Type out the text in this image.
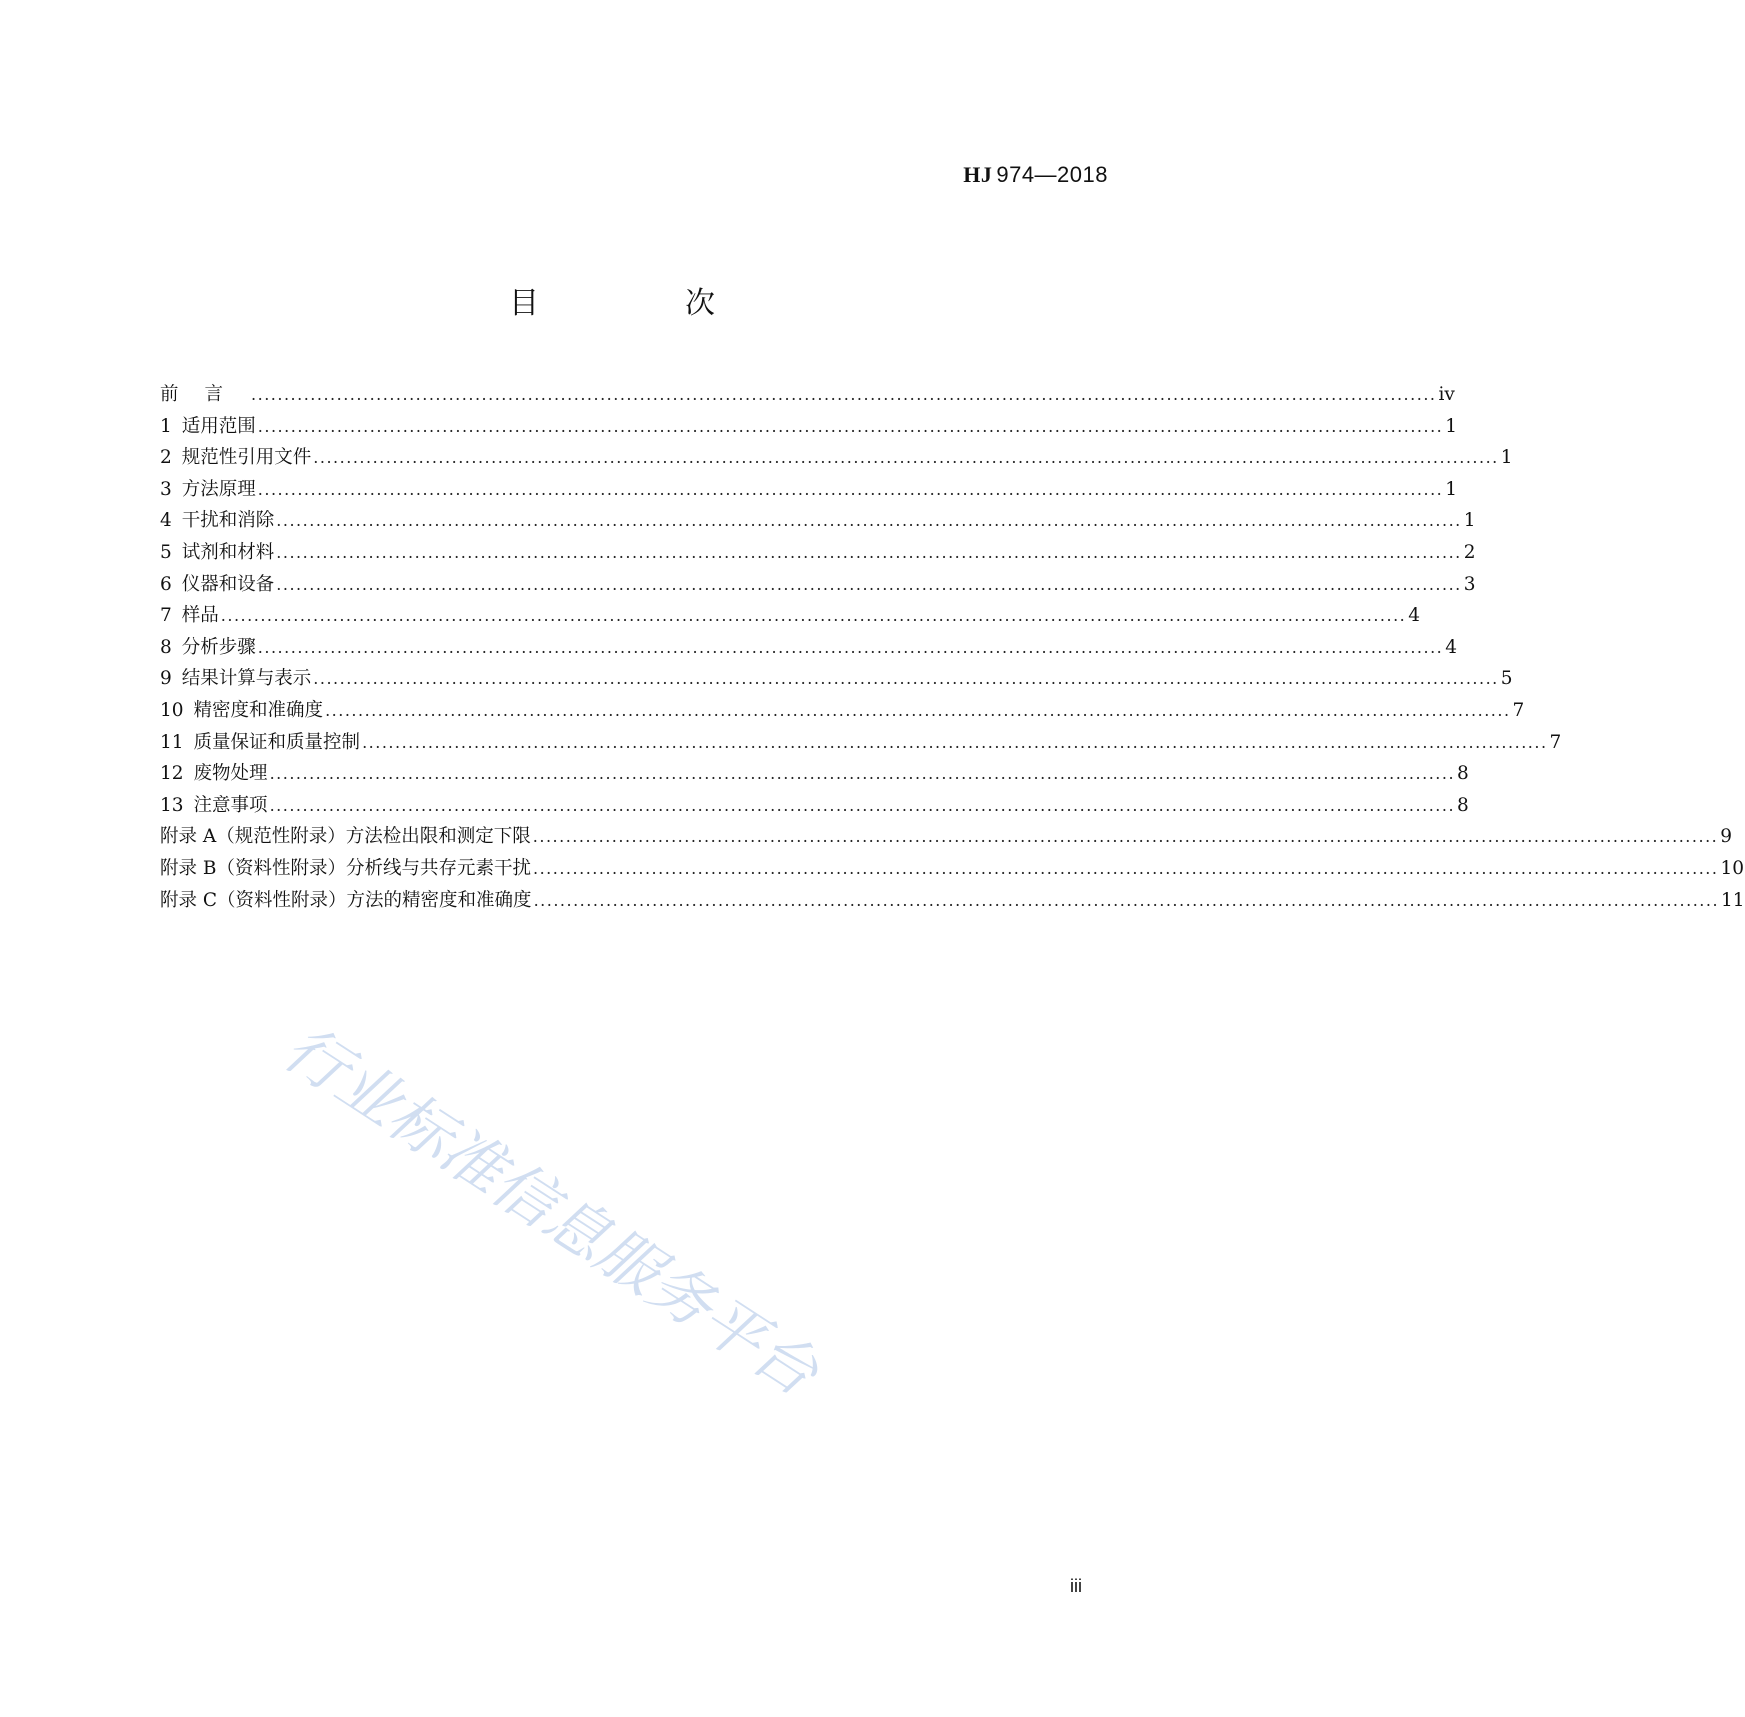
HJ 974—2018
目　次
前言 .................................................................................................................................................................................... iv
1 适用范围 .................................................................................................................................................................................... 1
2 规范性引用文件 .................................................................................................................................................................................... 1
3 方法原理 .................................................................................................................................................................................... 1
4 干扰和消除 .................................................................................................................................................................................... 1
5 试剂和材料 .................................................................................................................................................................................... 2
6 仪器和设备 .................................................................................................................................................................................... 3
7 样品 .................................................................................................................................................................................... 4
8 分析步骤 .................................................................................................................................................................................... 4
9 结果计算与表示 .................................................................................................................................................................................... 5
10 精密度和准确度 .................................................................................................................................................................................... 7
11 质量保证和质量控制 .................................................................................................................................................................................... 7
12 废物处理 .................................................................................................................................................................................... 8
13 注意事项 .................................................................................................................................................................................... 8
附录 A（规范性附录） 方法检出限和测定下限 .................................................................................................................................................................................... 9
附录 B（资料性附录） 分析线与共存元素干扰 .................................................................................................................................................................................... 10
附录 C（资料性附录） 方法的精密度和准确度 .................................................................................................................................................................................... 11
行业标准信息服务平台
iii
